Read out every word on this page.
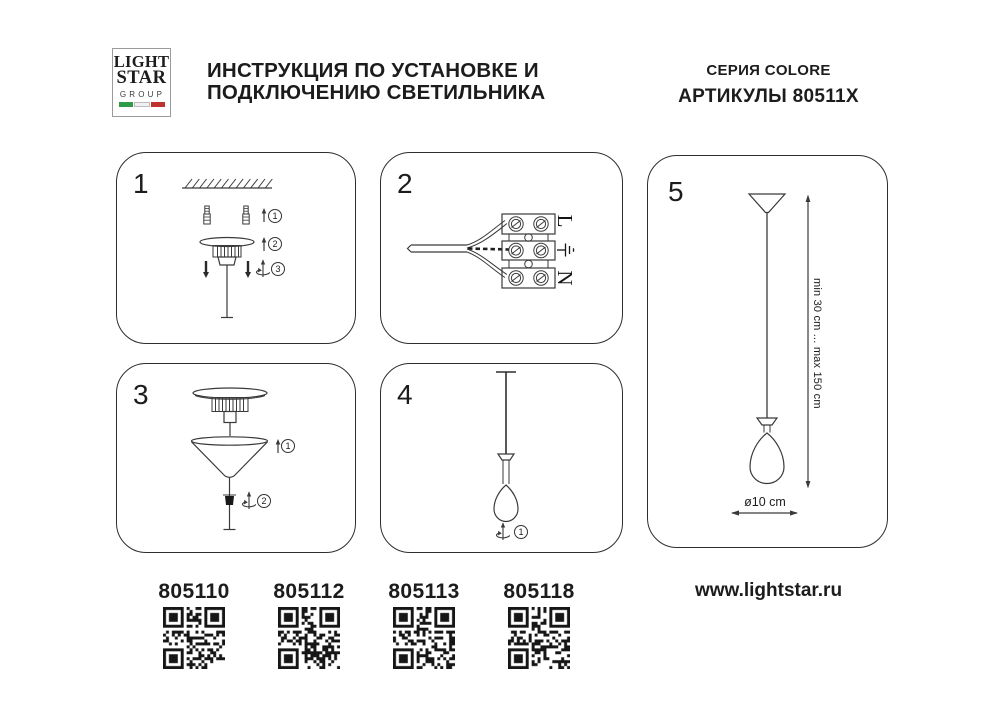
LIGHT
STAR
GROUP
ИНСТРУКЦИЯ ПО УСТАНОВКЕ И
ПОДКЛЮЧЕНИЮ СВЕТИЛЬНИКА
СЕРИЯ COLORE
АРТИКУЛЫ 80511X
1
1
2
3
2
L
N
3
1
2
4
1
5
min 30 cm ... max 150 cm
ø10 cm
805110	805112	805113	805118	www.lightstar.ru
